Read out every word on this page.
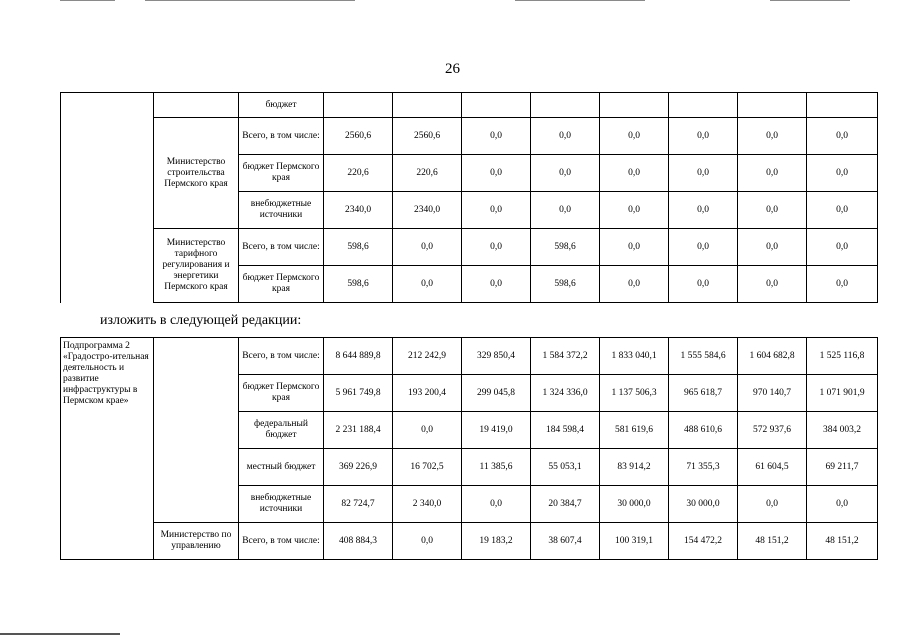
26
		бюджет								
	Министерство строительства Пермского края	Всего, в том числе:	2560,6	2560,6	0,0	0,0	0,0	0,0	0,0	0,0
		бюджет Пермского края	220,6	220,6	0,0	0,0	0,0	0,0	0,0	0,0
		внебюджетные источники	2340,0	2340,0	0,0	0,0	0,0	0,0	0,0	0,0
	Министерство тарифного регулирования и энергетики Пермского края	Всего, в том числе:	598,6	0,0	0,0	598,6	0,0	0,0	0,0	0,0
		бюджет Пермского края	598,6	0,0	0,0	598,6	0,0	0,0	0,0	0,0
изложить в следующей редакции:
Подпрограмма 2 «Градостро-ительная деятельность и развитие инфраструктуры в Пермском крае»		Всего, в том числе:	8 644 889,8	212 242,9	329 850,4	1 584 372,2	1 833 040,1	1 555 584,6	1 604 682,8	1 525 116,8
		бюджет Пермского края	5 961 749,8	193 200,4	299 045,8	1 324 336,0	1 137 506,3	965 618,7	970 140,7	1 071 901,9
		федеральный бюджет	2 231 188,4	0,0	19 419,0	184 598,4	581 619,6	488 610,6	572 937,6	384 003,2
		местный бюджет	369 226,9	16 702,5	11 385,6	55 053,1	83 914,2	71 355,3	61 604,5	69 211,7
		внебюджетные источники	82 724,7	2 340,0	0,0	20 384,7	30 000,0	30 000,0	0,0	0,0
	Министерство по управлению	Всего, в том числе:	408 884,3	0,0	19 183,2	38 607,4	100 319,1	154 472,2	48 151,2	48 151,2
